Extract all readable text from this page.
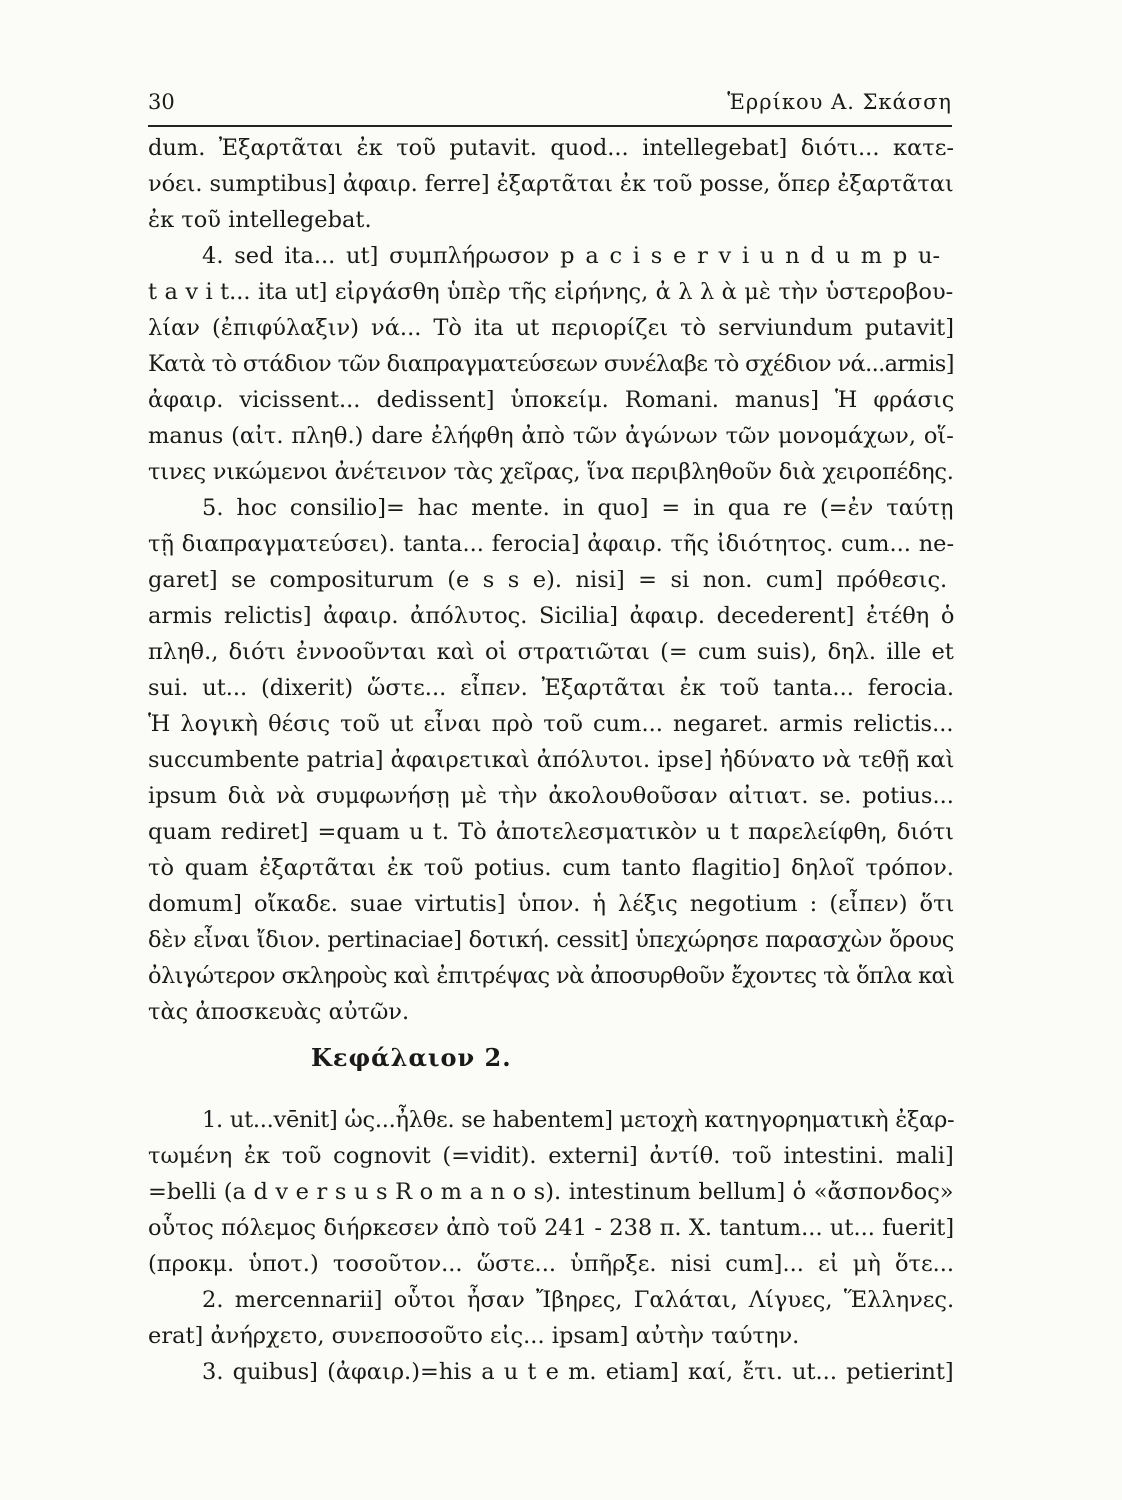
30	Ἑρρίκου Α. Σκάσση
dum. Ἐξαρτᾶται ἐκ τοῦ putavit. quod... intellegebat] διότι... κατε-
νόει. sumptibus] ἀφαιρ. ferre] ἐξαρτᾶται ἐκ τοῦ posse, ὅπερ ἐξαρτᾶται
ἐκ τοῦ intellegebat.
4. sed ita... ut] συμπλήρωσον p a c i s e r v i u n d u m p u-
t a v i t... ita ut] εἰργάσθη ὑπὲρ τῆς εἰρήνης, ἀ λ λ ὰ μὲ τὴν ὑστεροβου-
λίαν (ἐπιφύλαξιν) νά... Τὸ ita ut περιορίζει τὸ serviundum putavit]
Κατὰ τὸ στάδιον τῶν διαπραγματεύσεων συνέλαβε τὸ σχέδιον νά...armis]
ἀφαιρ. vicissent... dedissent] ὑποκείμ. Romani. manus] Ἡ φράσις
manus (αἰτ. πληθ.) dare ἐλήφθη ἀπὸ τῶν ἀγώνων τῶν μονομάχων, οἵ-
τινες νικώμενοι ἀνέτεινον τὰς χεῖρας, ἵνα περιβληθοῦν διὰ χειροπέδης.
5. hoc consilio]= hac mente. in quo] = in qua re (=ἐν ταύτῃ
τῇ διαπραγματεύσει). tanta... ferocia] ἀφαιρ. τῆς ἰδιότητος. cum... ne-
garet] se compositurum (e s s e). nisi] = si non. cum] πρόθεσις.
armis relictis] ἀφαιρ. ἀπόλυτος. Sicilia] ἀφαιρ. decederent] ἐτέθη ὁ
πληθ., διότι ἐννοοῦνται καὶ οἱ στρατιῶται (= cum suis), δηλ. ille et
sui. ut... (dixerit) ὥστε... εἶπεν. Ἐξαρτᾶται ἐκ τοῦ tanta... ferocia.
Ἡ λογικὴ θέσις τοῦ ut εἶναι πρὸ τοῦ cum... negaret. armis relictis...
succumbente patria] ἀφαιρετικαὶ ἀπόλυτοι. ipse] ἠδύνατο νὰ τεθῇ καὶ
ipsum διὰ νὰ συμφωνήσῃ μὲ τὴν ἀκολουθοῦσαν αἰτιατ. se. potius...
quam rediret] =quam u t. Τὸ ἀποτελεσματικὸν u t παρελείφθη, διότι
τὸ quam ἐξαρτᾶται ἐκ τοῦ potius. cum tanto flagitio] δηλοῖ τρόπον.
domum] οἴκαδε. suae virtutis] ὑπον. ἡ λέξις negotium : (εἶπεν) ὅτι
δὲν εἶναι ἴδιον. pertinaciae] δοτική. cessit] ὑπεχώρησε παρασχὼν ὅρους
ὀλιγώτερον σκληροὺς καὶ ἐπιτρέψας νὰ ἀποσυρθοῦν ἔχοντες τὰ ὅπλα καὶ
τὰς ἀποσκευὰς αὐτῶν.
Κεφάλαιον 2.
1. ut...vēnit] ὡς...ἦλθε. se habentem] μετοχὴ κατηγορηματικὴ ἐξαρ-
τωμένη ἐκ τοῦ cognovit (=vidit). externi] ἀντίθ. τοῦ intestini. mali]
=belli (a d v e r s u s R o m a n o s). intestinum bellum] ὁ «ἄσπονδος»
οὗτος πόλεμος διήρκεσεν ἀπὸ τοῦ 241 - 238 π. Χ. tantum... ut... fuerit]
(προκμ. ὑποτ.) τοσοῦτον... ὥστε... ὑπῆρξε. nisi cum]... εἰ μὴ ὅτε...
2. mercennarii] οὗτοι ἦσαν Ἴβηρες, Γαλάται, Λίγυες, Ἕλληνες.
erat] ἀνήρχετο, συνεποσοῦτο εἰς... ipsam] αὐτὴν ταύτην.
3. quibus] (ἀφαιρ.)=his a u t e m. etiam] καί, ἔτι. ut... petierint]
